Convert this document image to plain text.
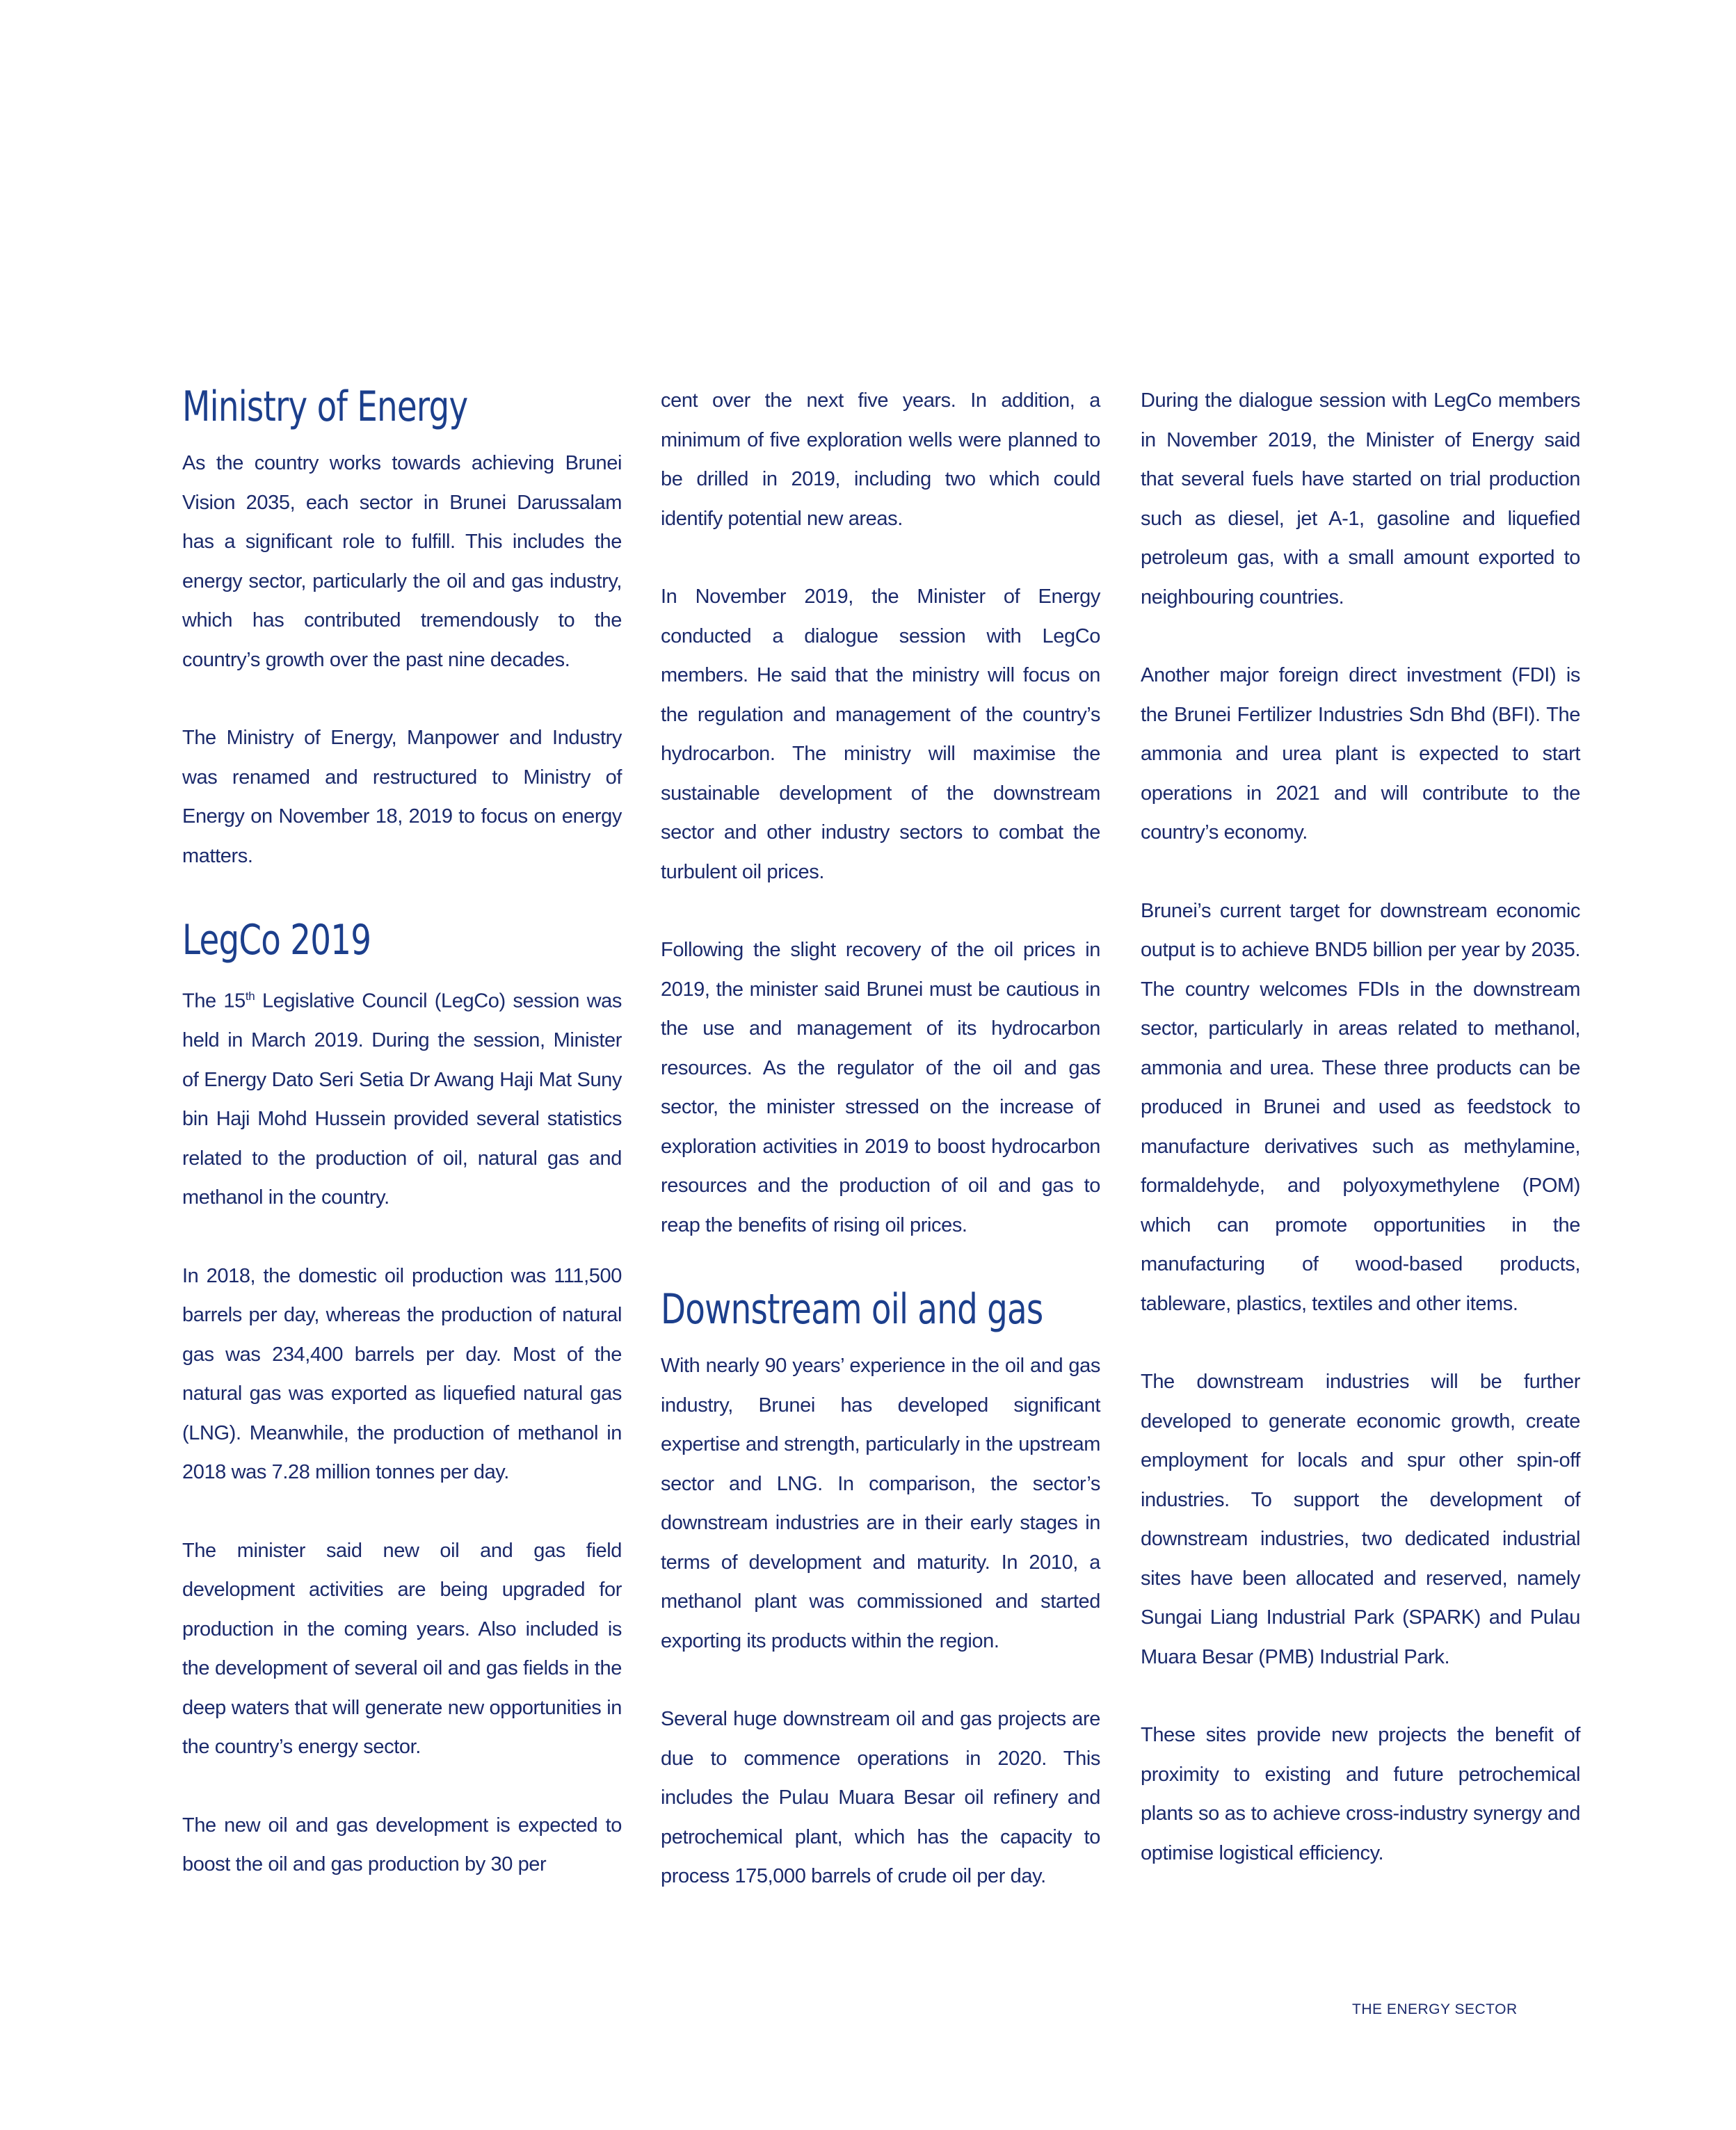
Ministry of Energy

As the country works towards achieving Brunei Vision 2035, each sector in Brunei Darussalam has a significant role to fulfill. This includes the energy sector, particularly the oil and gas industry, which has contributed tremendously to the country’s growth over the past nine decades.

The Ministry of Energy, Manpower and Industry was renamed and restructured to Ministry of Energy on November 18, 2019 to focus on energy matters.

LegCo 2019

The 15th Legislative Council (LegCo) session was held in March 2019. During the session, Minister of Energy Dato Seri Setia Dr Awang Haji Mat Suny bin Haji Mohd Hussein provided several statistics related to the production of oil, natural gas and methanol in the country.

In 2018, the domestic oil production was 111,500 barrels per day, whereas the production of natural gas was 234,400 barrels per day. Most of the natural gas was exported as liquefied natural gas (LNG). Meanwhile, the production of methanol in 2018 was 7.28 million tonnes per day.

The minister said new oil and gas field development activities are being upgraded for production in the coming years. Also included is the development of several oil and gas fields in the deep waters that will generate new opportunities in the country’s energy sector.

The new oil and gas development is expected to boost the oil and gas production by 30 per

cent over the next five years. In addition, a minimum of five exploration wells were planned to be drilled in 2019, including two which could identify potential new areas.

In November 2019, the Minister of Energy conducted a dialogue session with LegCo members. He said that the ministry will focus on the regulation and management of the country’s hydrocarbon. The ministry will maximise the sustainable development of the downstream sector and other industry sectors to combat the turbulent oil prices.

Following the slight recovery of the oil prices in 2019, the minister said Brunei must be cautious in the use and management of its hydrocarbon resources. As the regulator of the oil and gas sector, the minister stressed on the increase of exploration activities in 2019 to boost hydrocarbon resources and the production of oil and gas to reap the benefits of rising oil prices.

Downstream oil and gas

With nearly 90 years’ experience in the oil and gas industry, Brunei has developed significant expertise and strength, particularly in the upstream sector and LNG. In comparison, the sector’s downstream industries are in their early stages in terms of development and maturity. In 2010, a methanol plant was commissioned and started exporting its products within the region.

Several huge downstream oil and gas projects are due to commence operations in 2020. This includes the Pulau Muara Besar oil refinery and petrochemical plant, which has the capacity to process 175,000 barrels of crude oil per day.

During the dialogue session with LegCo members in November 2019, the Minister of Energy said that several fuels have started on trial production such as diesel, jet A-1, gasoline and liquefied petroleum gas, with a small amount exported to neighbouring countries.

Another major foreign direct investment (FDI) is the Brunei Fertilizer Industries Sdn Bhd (BFI). The ammonia and urea plant is expected to start operations in 2021 and will contribute to the country’s economy.

Brunei’s current target for downstream economic output is to achieve BND5 billion per year by 2035. The country welcomes FDIs in the downstream sector, particularly in areas related to methanol, ammonia and urea. These three products can be produced in Brunei and used as feedstock to manufacture derivatives such as methylamine, formaldehyde, and polyoxymethylene (POM) which can promote opportunities in the manufacturing of wood-based products, tableware, plastics, textiles and other items.

The downstream industries will be further developed to generate economic growth, create employment for locals and spur other spin-off industries. To support the development of downstream industries, two dedicated industrial sites have been allocated and reserved, namely Sungai Liang Industrial Park (SPARK) and Pulau Muara Besar (PMB) Industrial Park.

These sites provide new projects the benefit of proximity to existing and future petrochemical plants so as to achieve cross-industry synergy and optimise logistical efficiency.

THE ENERGY SECTOR
